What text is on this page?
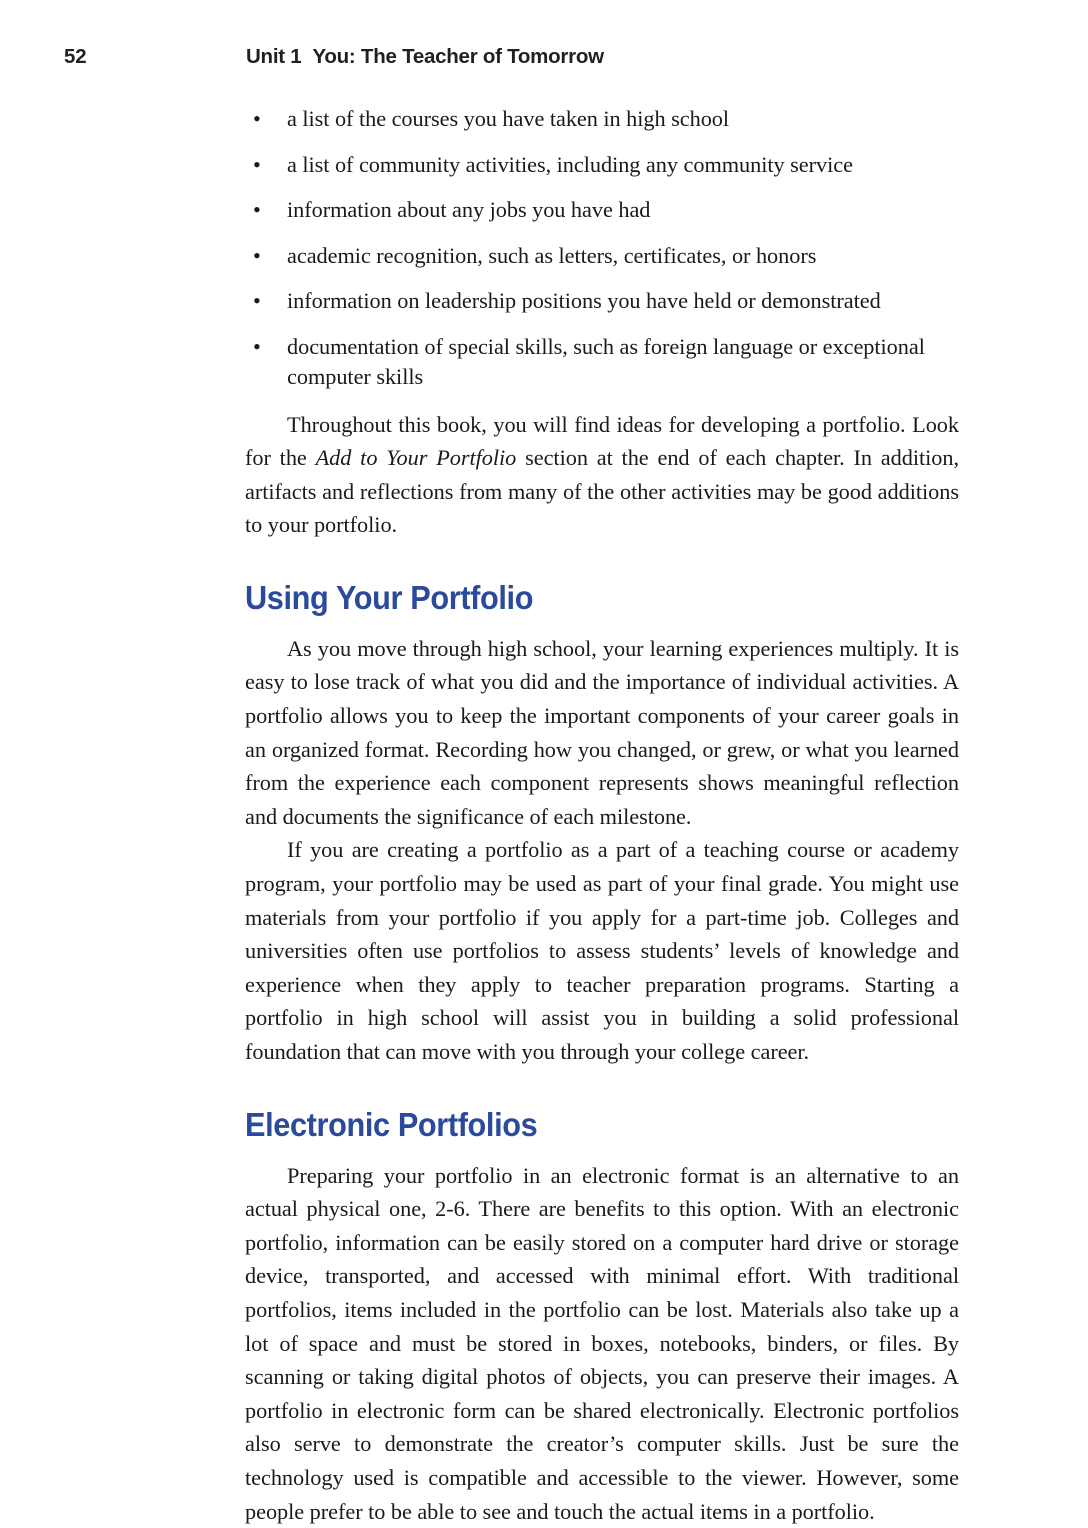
52	Unit 1 You: The Teacher of Tomorrow
• a list of the courses you have taken in high school
• a list of community activities, including any community service
• information about any jobs you have had
• academic recognition, such as letters, certificates, or honors
• information on leadership positions you have held or demonstrated
• documentation of special skills, such as foreign language or exceptional computer skills

Throughout this book, you will find ideas for developing a portfolio. Look for the Add to Your Portfolio section at the end of each chapter. In addition, artifacts and reflections from many of the other activities may be good additions to your portfolio.

Using Your Portfolio

As you move through high school, your learning experiences multiply. It is easy to lose track of what you did and the importance of individual activities. A portfolio allows you to keep the important components of your career goals in an organized format. Recording how you changed, or grew, or what you learned from the experience each component represents shows meaningful reflection and documents the significance of each milestone.

If you are creating a portfolio as a part of a teaching course or academy program, your portfolio may be used as part of your final grade. You might use materials from your portfolio if you apply for a part-time job. Colleges and universities often use portfolios to assess students’ levels of knowledge and experience when they apply to teacher preparation programs. Starting a portfolio in high school will assist you in building a solid professional foundation that can move with you through your college career.

Electronic Portfolios

Preparing your portfolio in an electronic format is an alternative to an actual physical one, 2-6. There are benefits to this option. With an electronic portfolio, information can be easily stored on a computer hard drive or storage device, transported, and accessed with minimal effort. With traditional portfolios, items included in the portfolio can be lost. Materials also take up a lot of space and must be stored in boxes, notebooks, binders, or files. By scanning or taking digital photos of objects, you can preserve their images. A portfolio in electronic form can be shared electronically. Electronic portfolios also serve to demonstrate the creator’s computer skills. Just be sure the technology used is compatible and accessible to the viewer. However, some people prefer to be able to see and touch the actual items in a portfolio.
